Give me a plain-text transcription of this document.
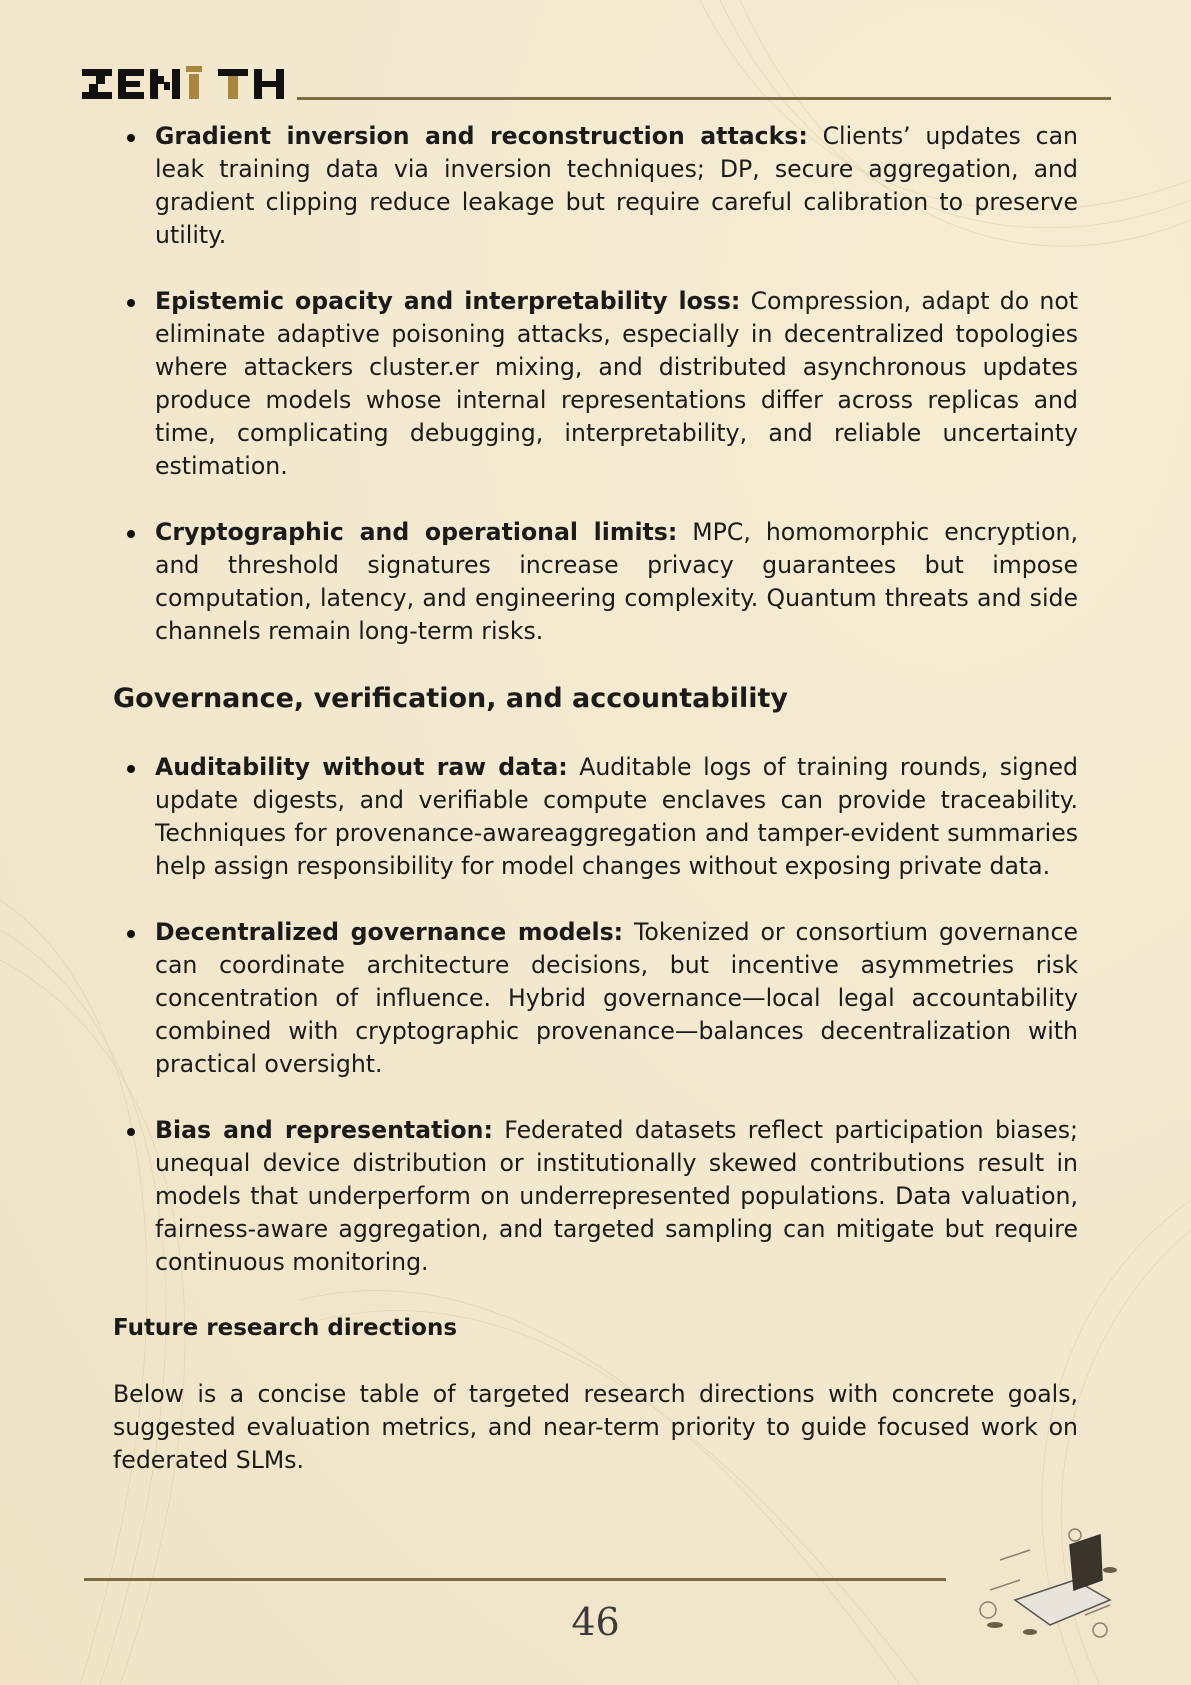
Gradient inversion and reconstruction attacks: Clients’ updates can leak training data via inversion techniques; DP, secure aggregation, and gradient clipping reduce leakage but require careful calibration to preserve utility.
Epistemic opacity and interpretability loss: Compression, adapt do not eliminate adaptive poisoning attacks, especially in decentralized topologies where attackers cluster.er mixing, and distributed asynchronous updates produce models whose internal representations differ across replicas and time, complicating debugging, interpretability, and reliable uncertainty estimation.
Cryptographic and operational limits: MPC, homomorphic encryption, and threshold signatures increase privacy guarantees but impose computation, latency, and engineering complexity. Quantum threats and side channels remain long-term risks.
Governance, verification, and accountability
Auditability without raw data: Auditable logs of training rounds, signed update digests, and verifiable compute enclaves can provide traceability. Techniques for provenance-awareaggregation and tamper-evident summaries help assign responsibility for model changes without exposing private data.
Decentralized governance models: Tokenized or consortium governance can coordinate architecture decisions, but incentive asymmetries risk concentration of influence. Hybrid governance—local legal accountability combined with cryptographic provenance—balances decentralization with practical oversight.
Bias and representation: Federated datasets reflect participation biases; unequal device distribution or institutionally skewed contributions result in models that underperform on underrepresented populations. Data valuation, fairness-aware aggregation, and targeted sampling can mitigate but require continuous monitoring.
Future research directions

Below is a concise table of targeted research directions with concrete goals, suggested evaluation metrics, and near-term priority to guide focused work on federated SLMs.

46
